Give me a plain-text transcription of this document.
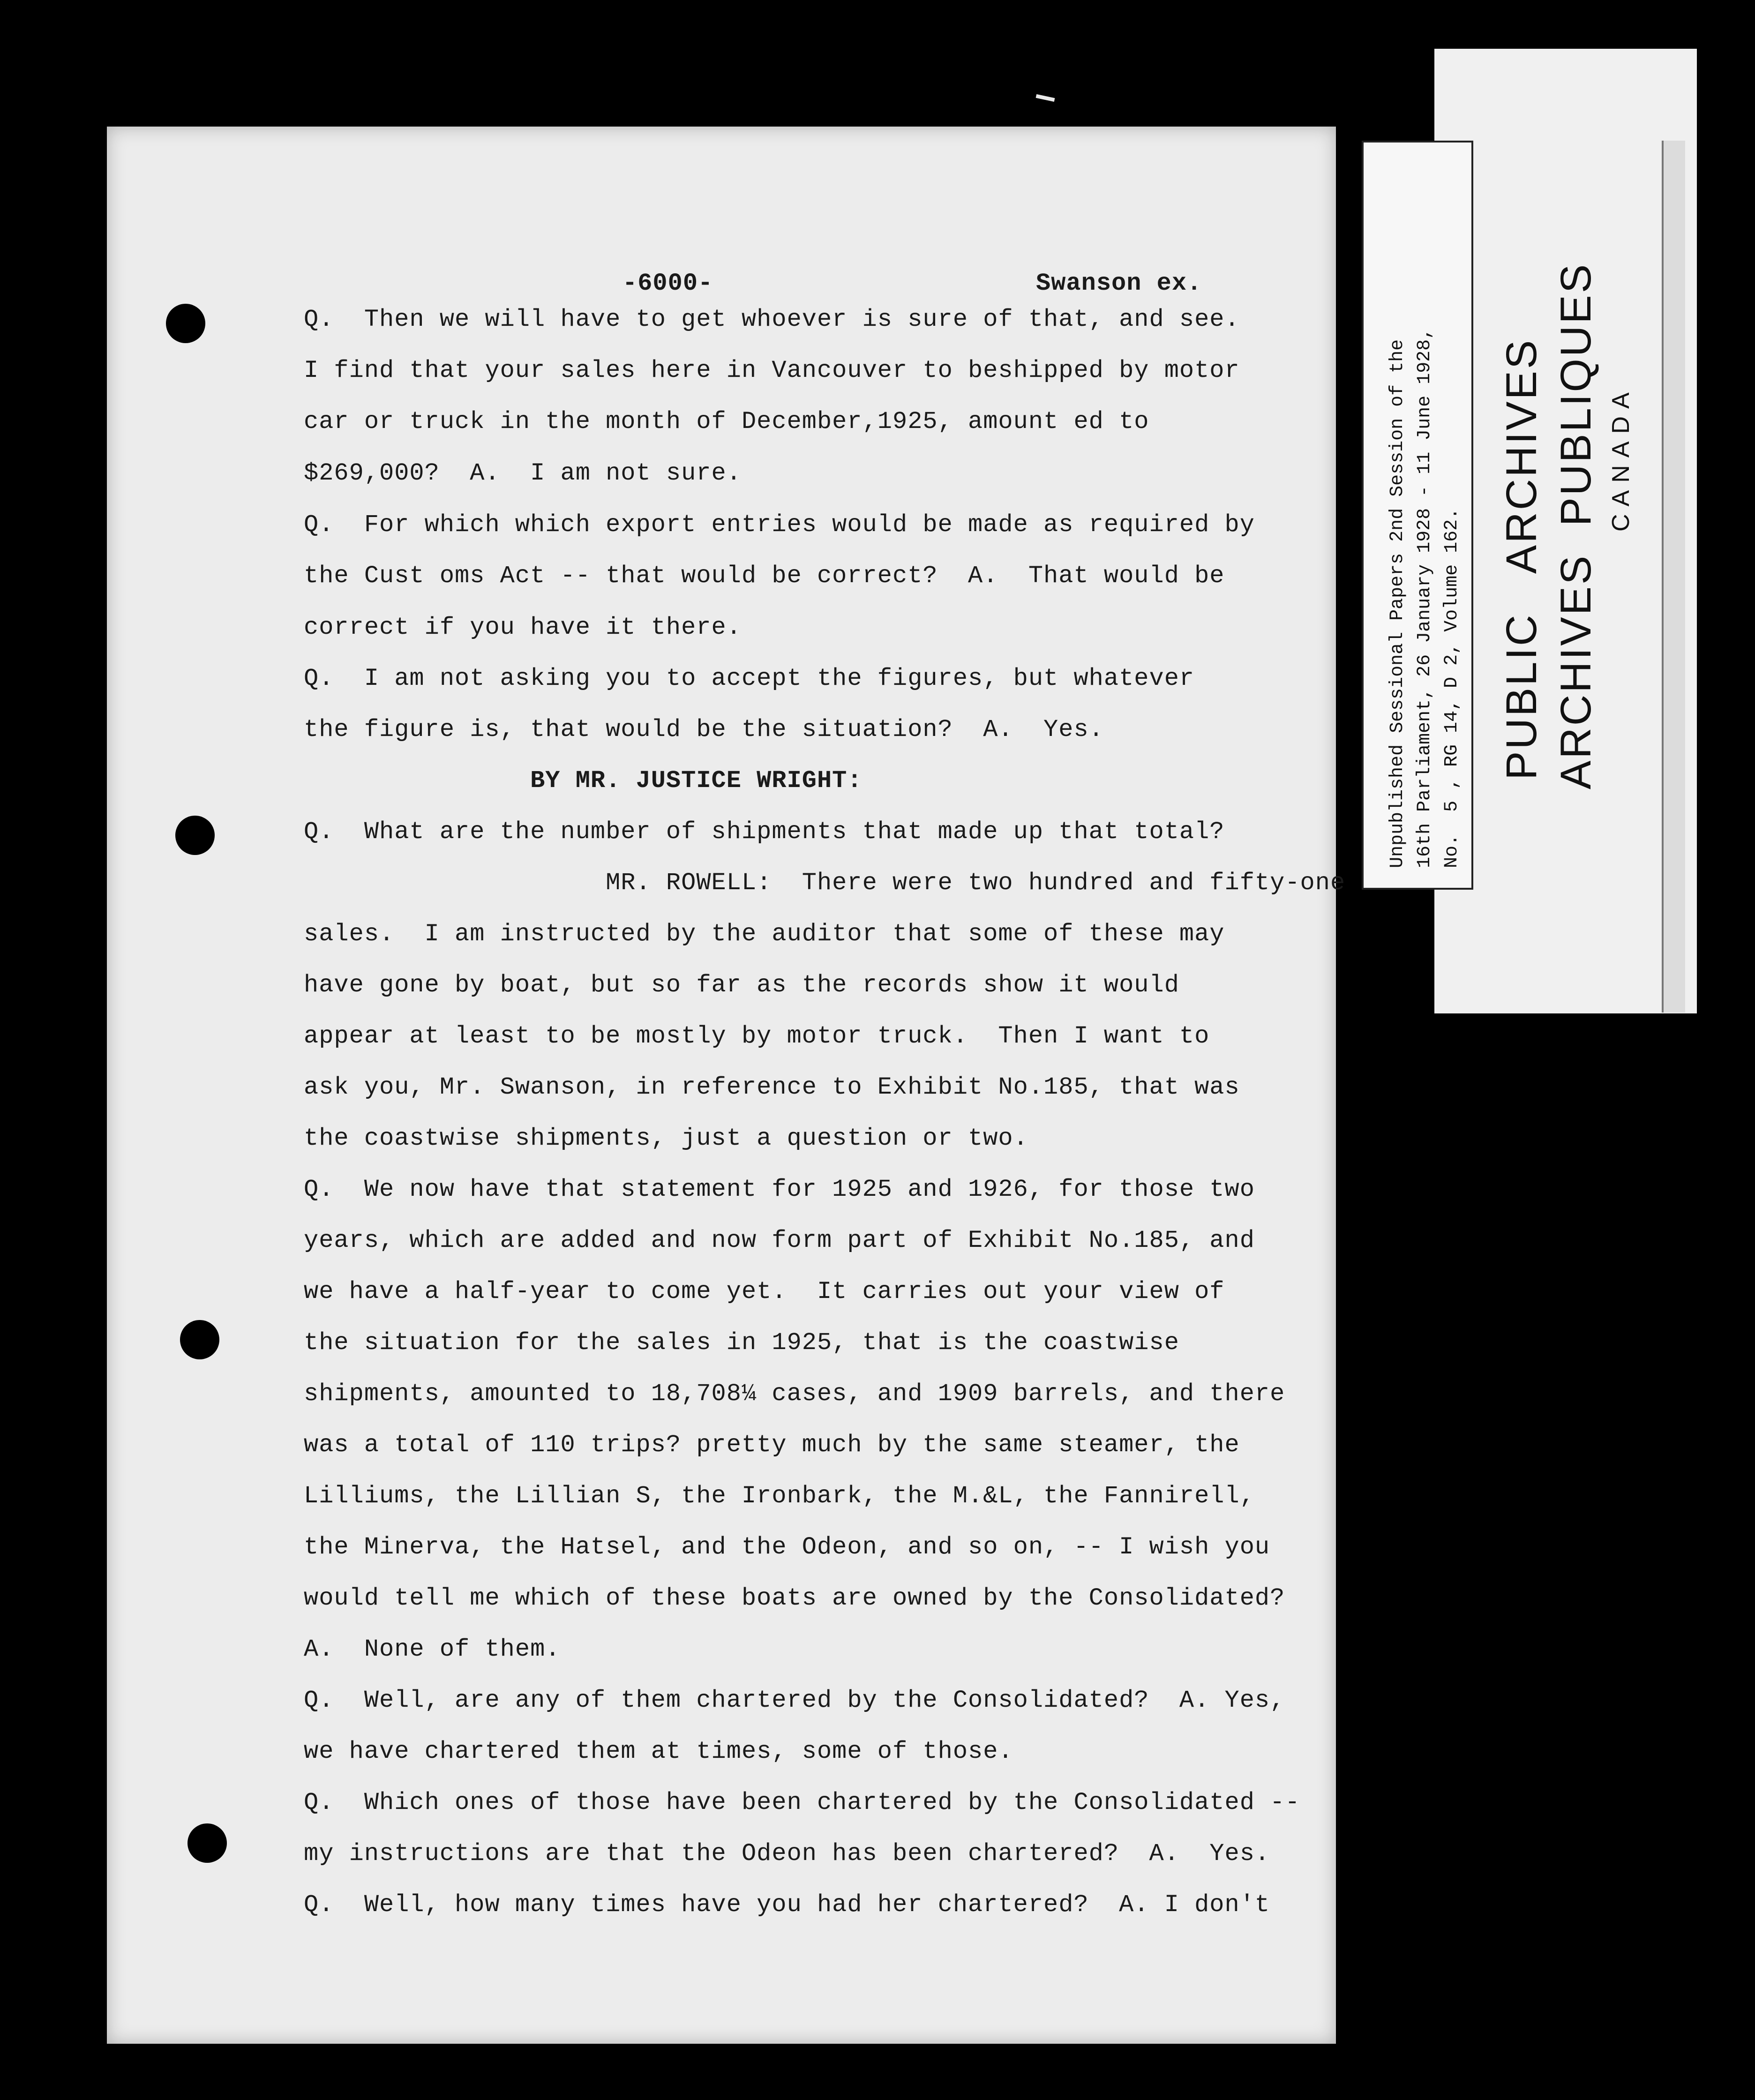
-6000-	Swanson ex.
Q.  Then we will have to get whoever is sure of that, and see.
I find that your sales here in Vancouver to beshipped by motor
car or truck in the month of December,1925, amount ed to
$269,000?  A.  I am not sure.
Q.  For which which export entries would be made as required by
the Cust oms Act -- that would be correct?  A.  That would be
correct if you have it there.
Q.  I am not asking you to accept the figures, but whatever
the figure is, that would be the situation?  A.  Yes.
BY MR. JUSTICE WRIGHT:
Q.  What are the number of shipments that made up that total?
MR. ROWELL:  There were two hundred and fifty-one
sales.  I am instructed by the auditor that some of these may
have gone by boat, but so far as the records show it would
appear at least to be mostly by motor truck.  Then I want to
ask you, Mr. Swanson, in reference to Exhibit No.185, that was
the coastwise shipments, just a question or two.
Q.  We now have that statement for 1925 and 1926, for those two
years, which are added and now form part of Exhibit No.185, and
we have a half-year to come yet.  It carries out your view of
the situation for the sales in 1925, that is the coastwise
shipments, amounted to 18,708¼ cases, and 1909 barrels, and there
was a total of 110 trips? pretty much by the same steamer, the
Lilliums, the Lillian S, the Ironbark, the M.&L, the Fannirell,
the Minerva, the Hatsel, and the Odeon, and so on, -- I wish you
would tell me which of these boats are owned by the Consolidated?
A.  None of them.
Q.  Well, are any of them chartered by the Consolidated?  A. Yes,
we have chartered them at times, some of those.
Q.  Which ones of those have been chartered by the Consolidated --
my instructions are that the Odeon has been chartered?  A.  Yes.
Q.  Well, how many times have you had her chartered?  A. I don't
PUBLIC   ARCHIVES ARCHIVES  PUBLIQUES CANADA
Unpublished Sessional Papers 2nd Session of the 16th Parliament, 26 January 1928 - 11 June 1928, No.  5 , RG 14, D 2, Volume 162.
